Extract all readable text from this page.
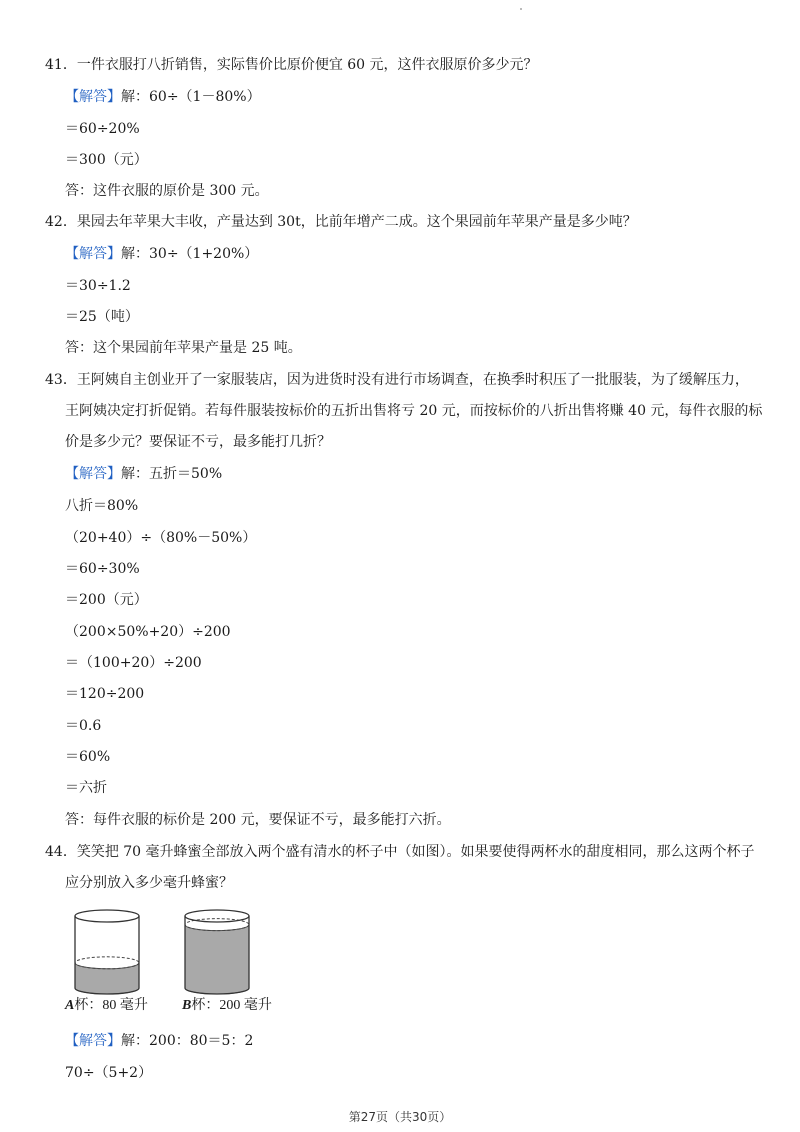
41．一件衣服打八折销售，实际售价比原价便宜 60 元，这件衣服原价多少元？
【解答】解：60÷（1－80%）
＝60÷20%
＝300（元）
答：这件衣服的原价是 300 元。
42．果园去年苹果大丰收，产量达到 30t，比前年增产二成。这个果园前年苹果产量是多少吨？
【解答】解：30÷（1+20%）
＝30÷1.2
＝25（吨）
答：这个果园前年苹果产量是 25 吨。
43．王阿姨自主创业开了一家服装店，因为进货时没有进行市场调查，在换季时积压了一批服装，为了缓解压力，
王阿姨决定打折促销。若每件服装按标价的五折出售将亏 20 元，而按标价的八折出售将赚 40 元，每件衣服的标
价是多少元？要保证不亏，最多能打几折？
【解答】解：五折＝50%
八折＝80%
（20+40）÷（80%－50%）
＝60÷30%
＝200（元）
（200×50%+20）÷200
＝（100+20）÷200
＝120÷200
＝0.6
＝60%
＝六折
答：每件衣服的标价是 200 元，要保证不亏，最多能打六折。
44．笑笑把 70 毫升蜂蜜全部放入两个盛有清水的杯子中（如图）。如果要使得两杯水的甜度相同，那么这两个杯子
应分别放入多少毫升蜂蜜？
A杯：80 毫升 B杯：200 毫升
【解答】解：200：80＝5：2
70÷（5+2）
第27页（共30页）
